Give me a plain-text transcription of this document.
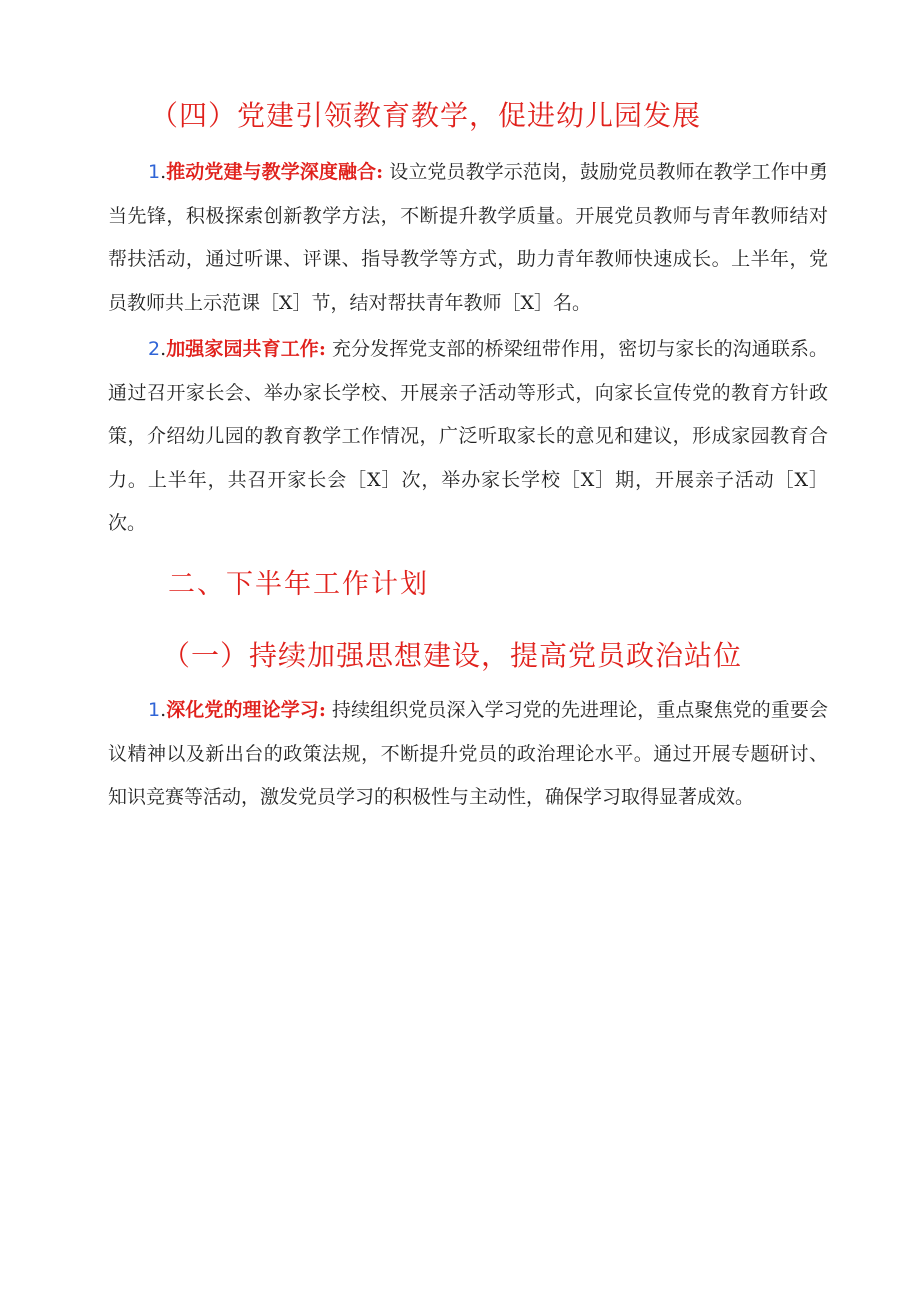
（四）党建引领教育教学，促进幼儿园发展

1.推动党建与教学深度融合: 设立党员教学示范岗，鼓励党员教师在教学工作中勇当先锋，积极探索创新教学方法，不断提升教学质量。开展党员教师与青年教师结对帮扶活动，通过听课、评课、指导教学等方式，助力青年教师快速成长。上半年，党员教师共上示范课［X］节，结对帮扶青年教师［X］名。

2.加强家园共育工作: 充分发挥党支部的桥梁纽带作用，密切与家长的沟通联系。通过召开家长会、举办家长学校、开展亲子活动等形式，向家长宣传党的教育方针政策，介绍幼儿园的教育教学工作情况，广泛听取家长的意见和建议，形成家园教育合力。上半年，共召开家长会［X］次，举办家长学校［X］期，开展亲子活动［X］次。

二、下半年工作计划
（一）持续加强思想建设，提高党员政治站位

1.深化党的理论学习: 持续组织党员深入学习党的先进理论，重点聚焦党的重要会议精神以及新出台的政策法规，不断提升党员的政治理论水平。通过开展专题研讨、知识竞赛等活动，激发党员学习的积极性与主动性，确保学习取得显著成效。
